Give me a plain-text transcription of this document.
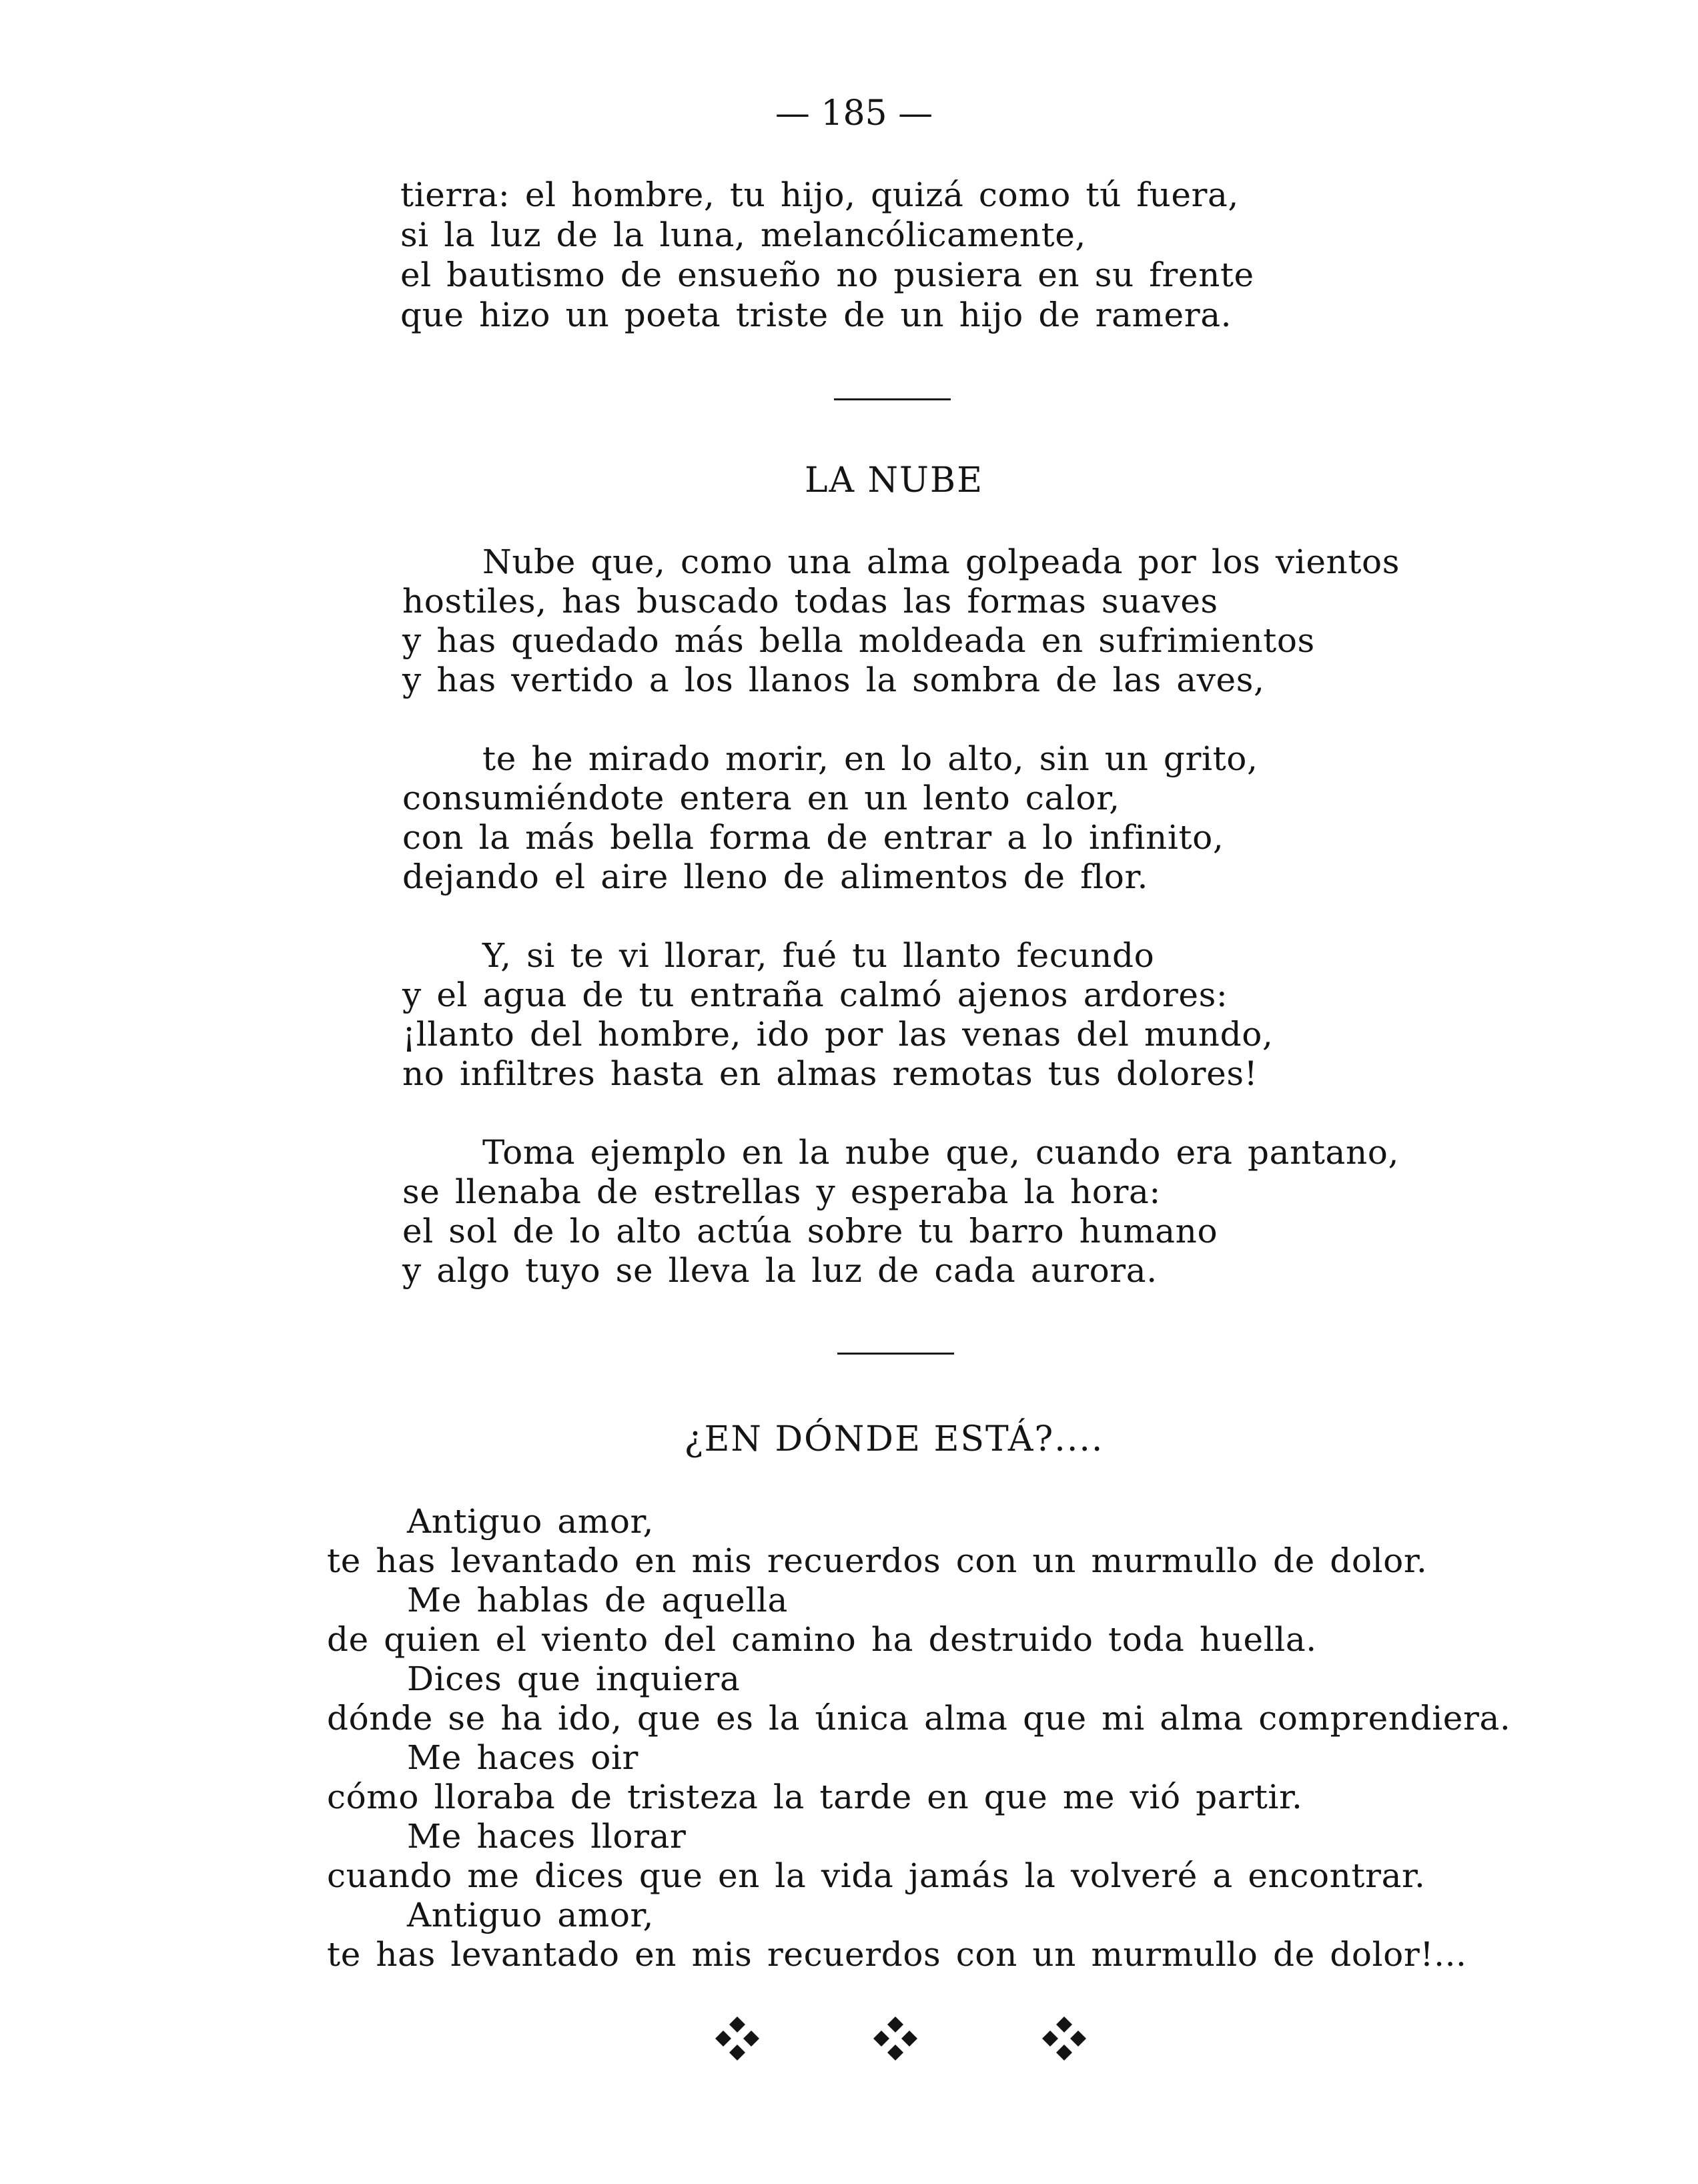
— 185 —
tierra: el hombre, tu hijo, quizá como tú fuera,
si la luz de la luna, melancólicamente,
el bautismo de ensueño no pusiera en su frente
que hizo un poeta triste de un hijo de ramera.
LA NUBE
Nube que, como una alma golpeada por los vientos
hostiles, has buscado todas las formas suaves
y has quedado más bella moldeada en sufrimientos
y has vertido a los llanos la sombra de las aves,
te he mirado morir, en lo alto, sin un grito,
consumiéndote entera en un lento calor,
con la más bella forma de entrar a lo infinito,
dejando el aire lleno de alimentos de flor.
Y, si te vi llorar, fué tu llanto fecundo
y el agua de tu entraña calmó ajenos ardores:
¡llanto del hombre, ido por las venas del mundo,
no infiltres hasta en almas remotas tus dolores!
Toma ejemplo en la nube que, cuando era pantano,
se llenaba de estrellas y esperaba la hora:
el sol de lo alto actúa sobre tu barro humano
y algo tuyo se lleva la luz de cada aurora.
¿EN DÓNDE ESTÁ?....
Antiguo amor,
te has levantado en mis recuerdos con un murmullo de dolor.
Me hablas de aquella
de quien el viento del camino ha destruido toda huella.
Dices que inquiera
dónde se ha ido, que es la única alma que mi alma comprendiera.
Me haces oir
cómo lloraba de tristeza la tarde en que me vió partir.
Me haces llorar
cuando me dices que en la vida jamás la volveré a encontrar.
Antiguo amor,
te has levantado en mis recuerdos con un murmullo de dolor!...
